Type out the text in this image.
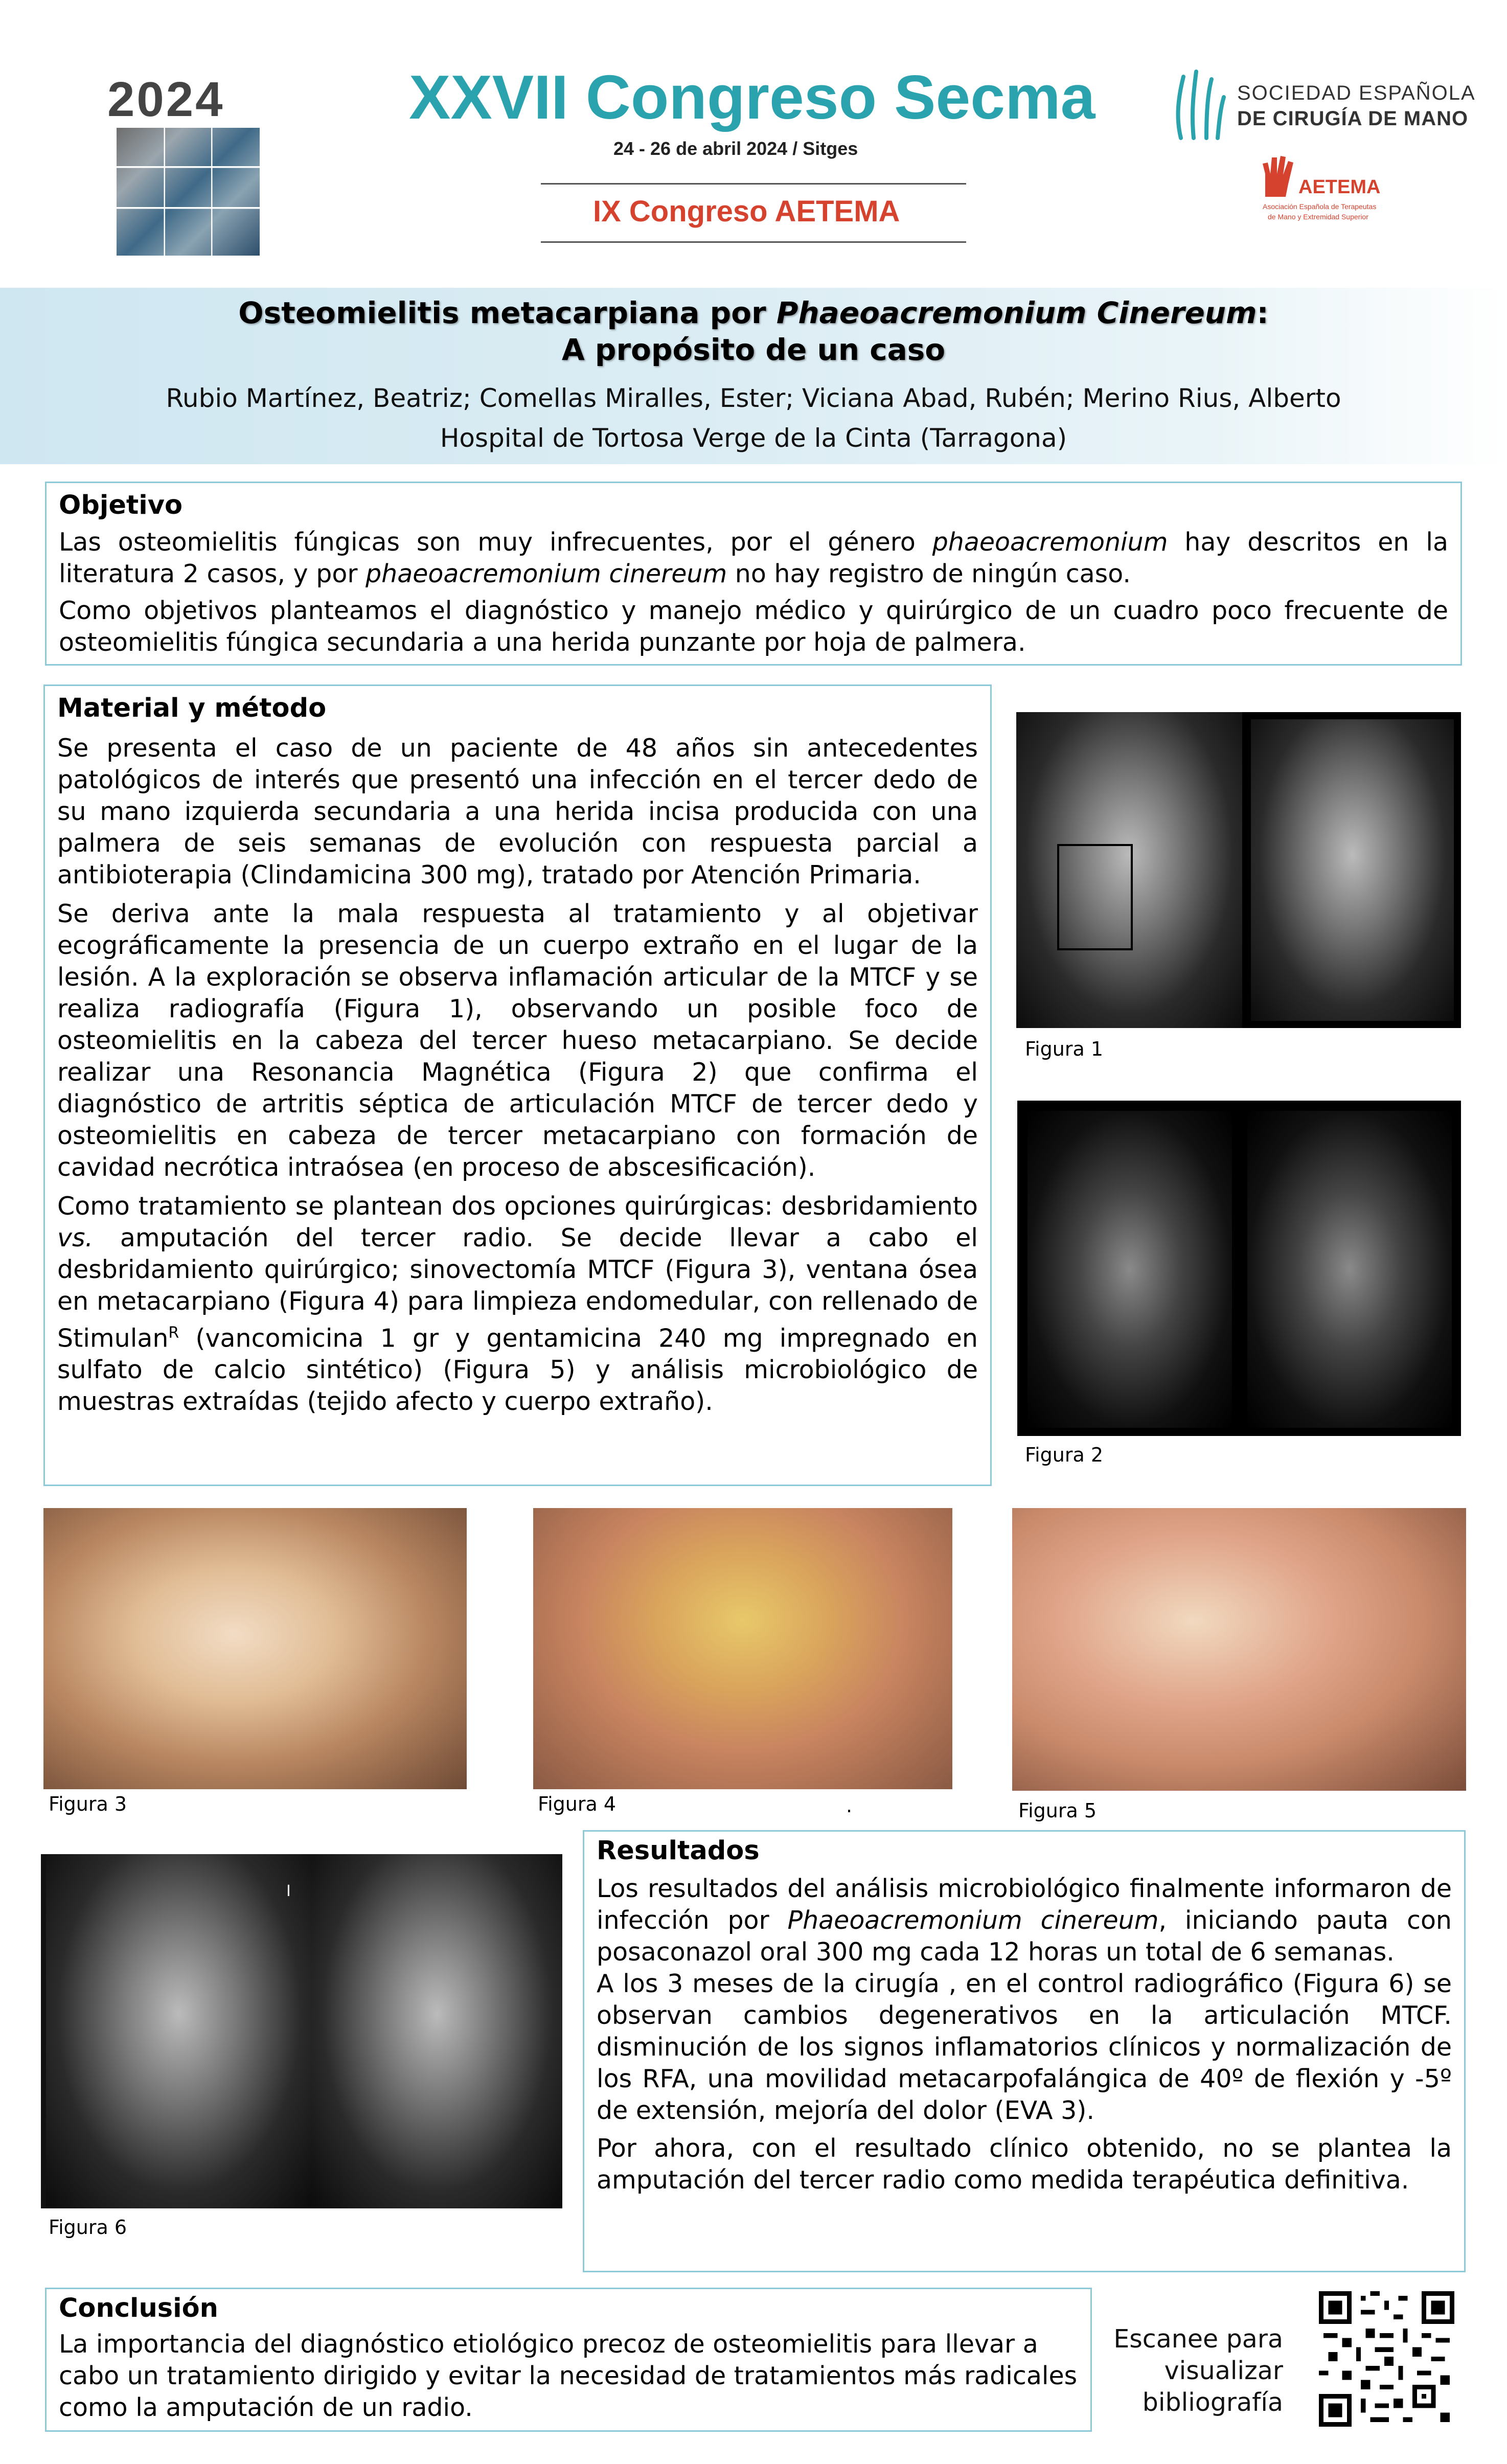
2024	XXVII Congreso Secma
24 - 26 de abril 2024 / Sitges
IX Congreso AETEMA
SOCIEDAD ESPAÑOLA
DE CIRUGÍA DE MANO
AETEMA
Asociación Española de Terapeutas
de Mano y Extremidad Superior
Osteomielitis metacarpiana por Phaeoacremonium Cinereum:
A propósito de un caso
Rubio Martínez, Beatriz; Comellas Miralles, Ester; Viciana Abad, Rubén; Merino Rius, Alberto
Hospital de Tortosa Verge de la Cinta (Tarragona)
Objetivo
Las osteomielitis fúngicas son muy infrecuentes, por el género phaeoacremonium hay descritos en la literatura 2 casos, y por phaeoacremonium cinereum no hay registro de ningún caso.
Como objetivos planteamos el diagnóstico y manejo médico y quirúrgico de un cuadro poco frecuente de osteomielitis fúngica secundaria a una herida punzante por hoja de palmera.
Material y método
Se presenta el caso de un paciente de 48 años sin antecedentes patológicos de interés que presentó una infección en el tercer dedo de su mano izquierda secundaria a una herida incisa producida con una palmera de seis semanas de evolución con respuesta parcial a antibioterapia (Clindamicina 300 mg), tratado por Atención Primaria.
Se deriva ante la mala respuesta al tratamiento y al objetivar ecográficamente la presencia de un cuerpo extraño en el lugar de la lesión. A la exploración se observa inflamación articular de la MTCF y se realiza radiografía (Figura 1), observando un posible foco de osteomielitis en la cabeza del tercer hueso metacarpiano. Se decide realizar una Resonancia Magnética (Figura 2) que confirma el diagnóstico de artritis séptica de articulación MTCF de tercer dedo y osteomielitis en cabeza de tercer metacarpiano con formación de cavidad necrótica intraósea (en proceso de abscesificación).
Como tratamiento se plantean dos opciones quirúrgicas: desbridamiento vs. amputación del tercer radio. Se decide llevar a cabo el desbridamiento quirúrgico; sinovectomía MTCF (Figura 3), ventana ósea en metacarpiano (Figura 4) para limpieza endomedular, con rellenado de Stimulan$^R$ (vancomicina 1 gr y gentamicina 240 mg impregnado en sulfato de calcio sintético) (Figura 5) y análisis microbiológico de muestras extraídas (tejido afecto y cuerpo extraño).
Figura 1
Figura 2
Figura 3	Figura 4	.	Figura 5
I
Figura 6
Resultados
Los resultados del análisis microbiológico finalmente informaron de infección por Phaeoacremonium cinereum, iniciando pauta con posaconazol oral 300 mg cada 12 horas un total de 6 semanas.
A los 3 meses de la cirugía , en el control radiográfico (Figura 6) se observan cambios degenerativos en la articulación MTCF. disminución de los signos inflamatorios clínicos y normalización de los RFA, una movilidad metacarpofalángica de 40º de flexión y -5º de extensión, mejoría del dolor (EVA 3).
Por ahora, con el resultado clínico obtenido, no se plantea la amputación del tercer radio como medida terapéutica definitiva.
Conclusión
La importancia del diagnóstico etiológico precoz de osteomielitis para llevar a cabo un tratamiento dirigido y evitar la necesidad de tratamientos más radicales como la amputación de un radio.
Escanee para
visualizar
bibliografía
